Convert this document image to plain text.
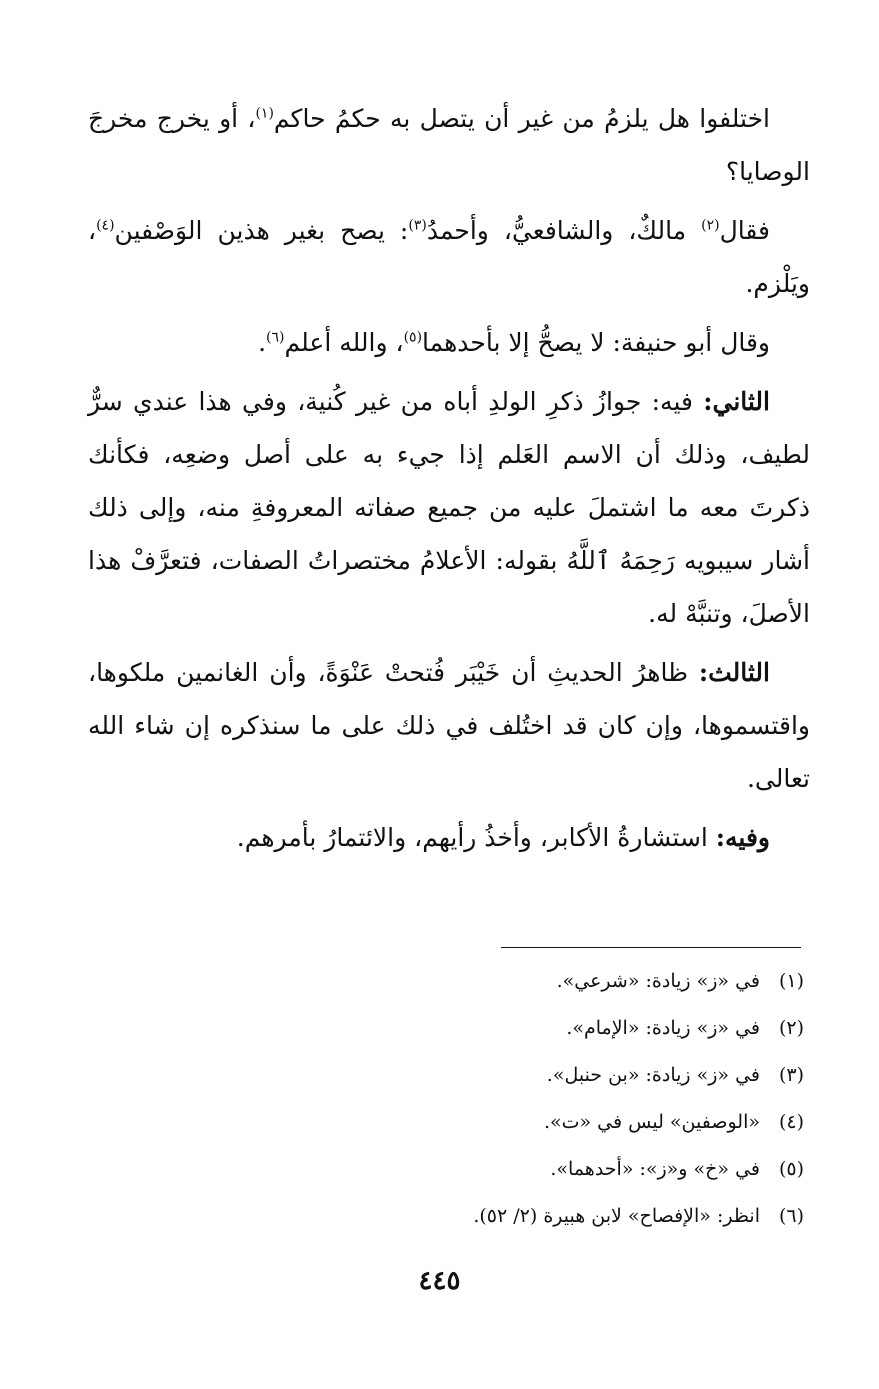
اختلفوا هل يلزمُ من غير أن يتصل به حكمُ حاكم$^{(١)}$، أو يخرج مخرجَ الوصايا؟

فقال$^{(٢)}$ مالكٌ، والشافعيُّ، وأحمدُ$^{(٣)}$: يصح بغير هذين الوَصْفين$^{(٤)}$، ويَلْزم.

وقال أبو حنيفة: لا يصحُّ إلا بأحدهما$^{(٥)}$، والله أعلم$^{(٦)}$.

الثاني: فيه: جوازُ ذكرِ الولدِ أباه من غير كُنية، وفي هذا عندي سرٌّ لطيف، وذلك أن الاسم العَلم إذا جيء به على أصل وضعِه، فكأنك ذكرتَ معه ما اشتملَ عليه من جميع صفاته المعروفةِ منه، وإلى ذلك أشار سيبويه رَحِمَهُ ٱللَّهُ بقوله: الأعلامُ مختصراتُ الصفات، فتعرَّفْ هذا الأصلَ، وتنبَّهْ له.

الثالث: ظاهرُ الحديثِ أن خَيْبَر فُتحتْ عَنْوَةً، وأن الغانمين ملكوها، واقتسموها، وإن كان قد اختُلف في ذلك على ما سنذكره إن شاء الله تعالى.

وفيه: استشارةُ الأكابر، وأخذُ رأيهم، والائتمارُ بأمرهم.

(١)في «ز» زيادة: «شرعي».
(٢)في «ز» زيادة: «الإمام».
(٣)في «ز» زيادة: «بن حنبل».
(٤)«الوصفين» ليس في «ت».
(٥)في «خ» و«ز»: «أحدهما».
(٦)انظر: «الإفصاح» لابن هبيرة (٢/ ٥٢).
٤٤٥
